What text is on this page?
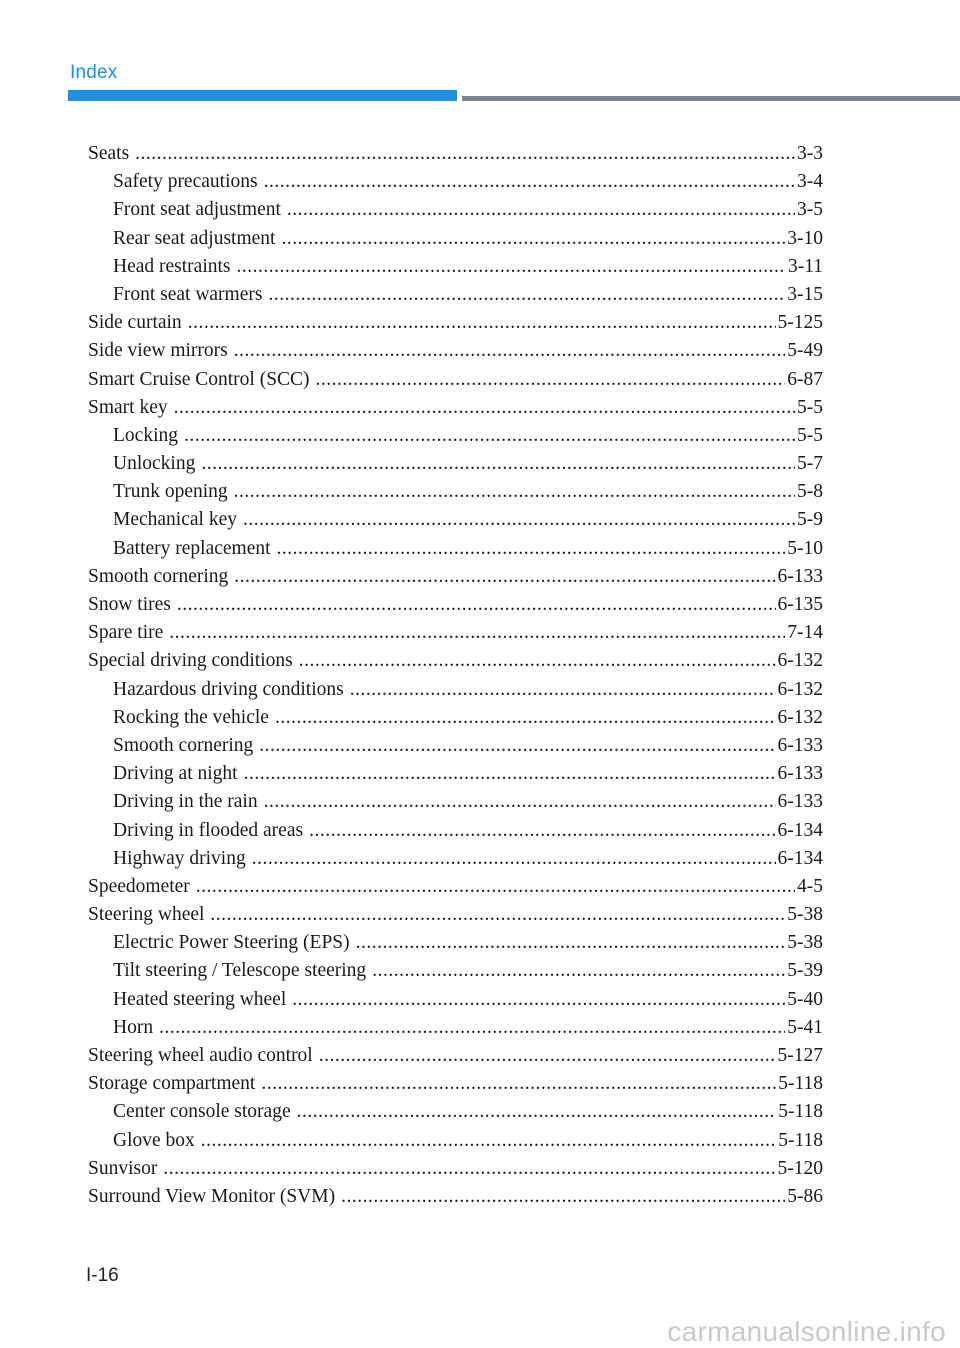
Index
Seats .....	3-3
Safety precautions .....	3-4
Front seat adjustment .....	3-5
Rear seat adjustment .....	3-10
Head restraints .....	3-11
Front seat warmers .....	3-15
Side curtain .....	5-125
Side view mirrors .....	5-49
Smart Cruise Control (SCC) .....	6-87
Smart key .....	5-5
Locking .....	5-5
Unlocking .....	5-7
Trunk opening .....	5-8
Mechanical key .....	5-9
Battery replacement .....	5-10
Smooth cornering .....	6-133
Snow tires .....	6-135
Spare tire .....	7-14
Special driving conditions .....	6-132
Hazardous driving conditions .....	6-132
Rocking the vehicle .....	6-132
Smooth cornering .....	6-133
Driving at night .....	6-133
Driving in the rain .....	6-133
Driving in flooded areas .....	6-134
Highway driving .....	6-134
Speedometer .....	4-5
Steering wheel .....	5-38
Electric Power Steering (EPS) .....	5-38
Tilt steering / Telescope steering .....	5-39
Heated steering wheel .....	5-40
Horn .....	5-41
Steering wheel audio control .....	5-127
Storage compartment .....	5-118
Center console storage .....	5-118
Glove box .....	5-118
Sunvisor .....	5-120
Surround View Monitor (SVM) .....	5-86
I-16
carmanualsonline.info
